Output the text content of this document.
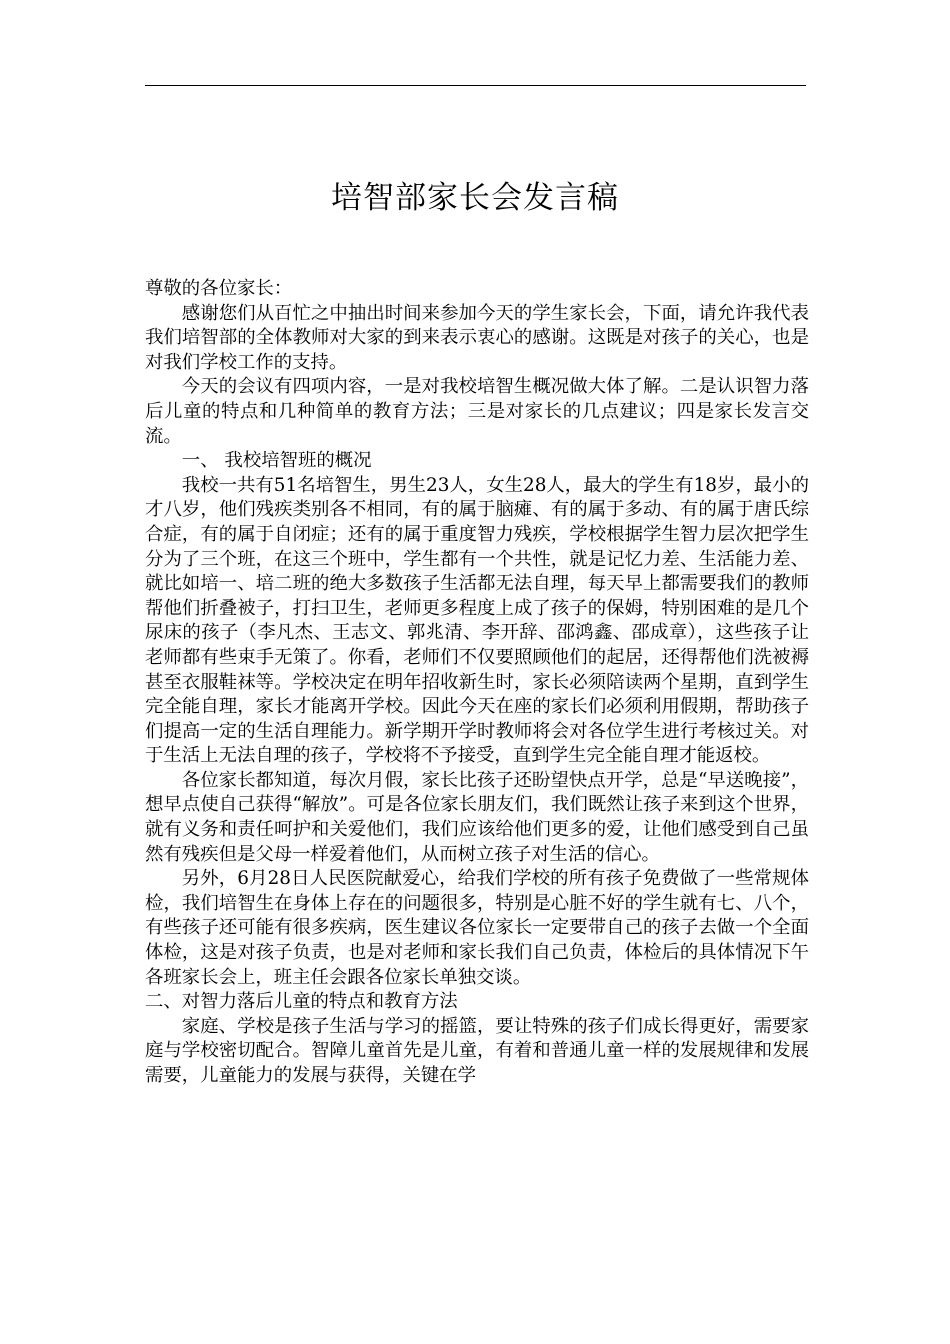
培智部家长会发言稿

尊敬的各位家长：

感谢您们从百忙之中抽出时间来参加今天的学生家长会，下面，请允许我代表我们培智部的全体教师对大家的到来表示衷心的感谢。这既是对孩子的关心，也是对我们学校工作的支持。

今天的会议有四项内容，一是对我校培智生概况做大体了解。二是认识智力落后儿童的特点和几种简单的教育方法；三是对家长的几点建议；四是家长发言交流。

一、 我校培智班的概况

我校一共有51名培智生，男生23人，女生28人，最大的学生有18岁，最小的才八岁，他们残疾类别各不相同，有的属于脑瘫、有的属于多动、有的属于唐氏综合症，有的属于自闭症；还有的属于重度智力残疾，学校根据学生智力层次把学生分为了三个班，在这三个班中，学生都有一个共性，就是记忆力差、生活能力差、就比如培一、培二班的绝大多数孩子生活都无法自理，每天早上都需要我们的教师帮他们折叠被子，打扫卫生，老师更多程度上成了孩子的保姆，特别困难的是几个尿床的孩子（李凡杰、王志文、郭兆清、李开辞、邵鸿鑫、邵成章），这些孩子让老师都有些束手无策了。你看，老师们不仅要照顾他们的起居，还得帮他们洗被褥甚至衣服鞋袜等。学校决定在明年招收新生时，家长必须陪读两个星期，直到学生完全能自理，家长才能离开学校。因此今天在座的家长们必须利用假期，帮助孩子们提高一定的生活自理能力。新学期开学时教师将会对各位学生进行考核过关。对于生活上无法自理的孩子，学校将不予接受，直到学生完全能自理才能返校。

各位家长都知道，每次月假，家长比孩子还盼望快点开学，总是“早送晚接”，想早点使自己获得“解放”。可是各位家长朋友们，我们既然让孩子来到这个世界，就有义务和责任呵护和关爱他们，我们应该给他们更多的爱，让他们感受到自己虽然有残疾但是父母一样爱着他们，从而树立孩子对生活的信心。

另外，6月28日人民医院献爱心，给我们学校的所有孩子免费做了一些常规体检，我们培智生在身体上存在的问题很多，特别是心脏不好的学生就有七、八个，有些孩子还可能有很多疾病，医生建议各位家长一定要带自己的孩子去做一个全面体检，这是对孩子负责，也是对老师和家长我们自己负责，体检后的具体情况下午各班家长会上，班主任会跟各位家长单独交谈。

二、对智力落后儿童的特点和教育方法

家庭、学校是孩子生活与学习的摇篮，要让特殊的孩子们成长得更好，需要家庭与学校密切配合。智障儿童首先是儿童，有着和普通儿童一样的发展规律和发展需要，儿童能力的发展与获得，关键在学
